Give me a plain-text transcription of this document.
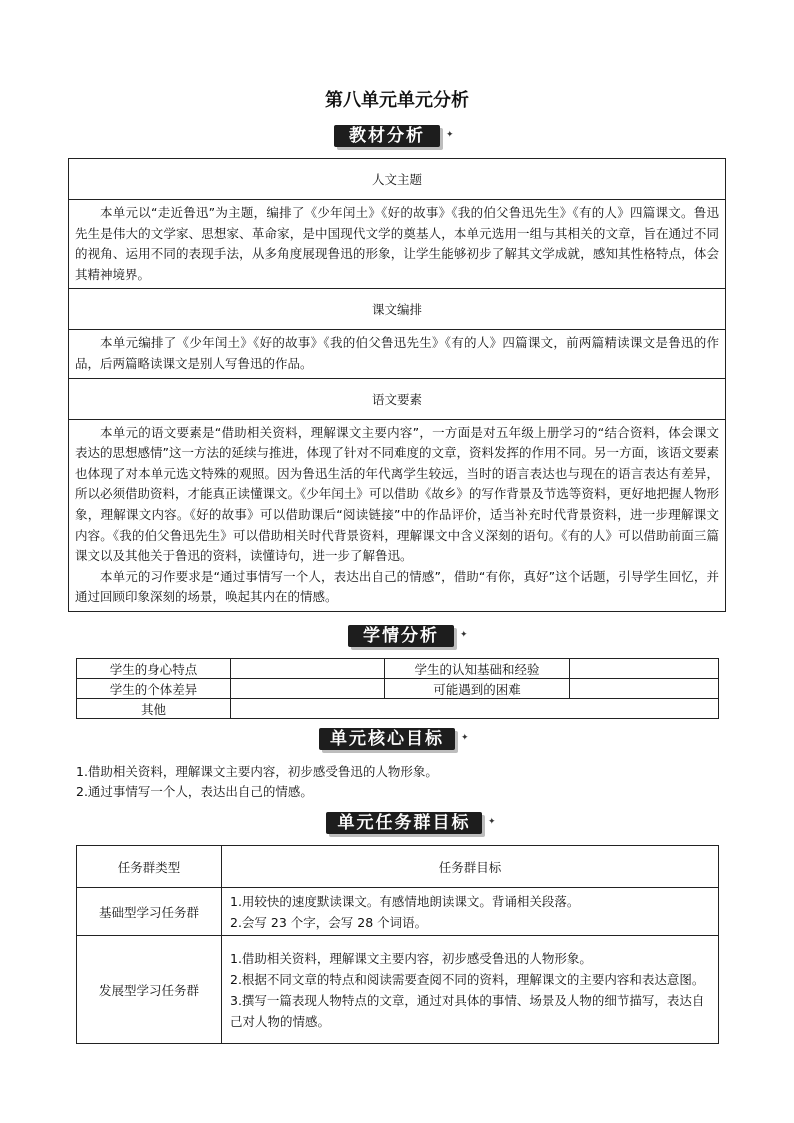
第八单元单元分析
教材分析	✦
人文主题

本单元以“走近鲁迅”为主题，编排了《少年闰土》《好的故事》《我的伯父鲁迅先生》《有的人》四篇课文。鲁迅先生是伟大的文学家、思想家、革命家，是中国现代文学的奠基人，本单元选用一组与其相关的文章，旨在通过不同的视角、运用不同的表现手法，从多角度展现鲁迅的形象，让学生能够初步了解其文学成就，感知其性格特点，体会其精神境界。

课文编排

本单元编排了《少年闰土》《好的故事》《我的伯父鲁迅先生》《有的人》四篇课文，前两篇精读课文是鲁迅的作品，后两篇略读课文是别人写鲁迅的作品。

语文要素

本单元的语文要素是“借助相关资料，理解课文主要内容”，一方面是对五年级上册学习的“结合资料，体会课文表达的思想感情”这一方法的延续与推进，体现了针对不同难度的文章，资料发挥的作用不同。另一方面，该语文要素也体现了对本单元选文特殊的观照。因为鲁迅生活的年代离学生较远，当时的语言表达也与现在的语言表达有差异，所以必须借助资料，才能真正读懂课文。《少年闰土》可以借助《故乡》的写作背景及节选等资料，更好地把握人物形象，理解课文内容。《好的故事》可以借助课后“阅读链接”中的作品评价，适当补充时代背景资料，进一步理解课文内容。《我的伯父鲁迅先生》可以借助相关时代背景资料，理解课文中含义深刻的语句。《有的人》可以借助前面三篇课文以及其他关于鲁迅的资料，读懂诗句，进一步了解鲁迅。

本单元的习作要求是“通过事情写一个人，表达出自己的情感”，借助“有你，真好”这个话题，引导学生回忆，并通过回顾印象深刻的场景，唤起其内在的情感。

学情分析	✦
学生的身心特点		学生的认知基础和经验	
学生的个体差异		可能遇到的困难	
其他			
单元核心目标	✦
1.借助相关资料，理解课文主要内容，初步感受鲁迅的人物形象。
2.通过事情写一个人，表达出自己的情感。
单元任务群目标	✦
任务群类型	任务群目标
基础型学习任务群	1.用较快的速度默读课文。有感情地朗读课文。背诵相关段落。
2.会写 23 个字，会写 28 个词语。

发展型学习任务群	1.借助相关资料，理解课文主要内容，初步感受鲁迅的人物形象。
2.根据不同文章的特点和阅读需要查阅不同的资料，理解课文的主要内容和表达意图。
3.撰写一篇表现人物特点的文章，通过对具体的事情、场景及人物的细节描写，表达自己对人物的情感。
